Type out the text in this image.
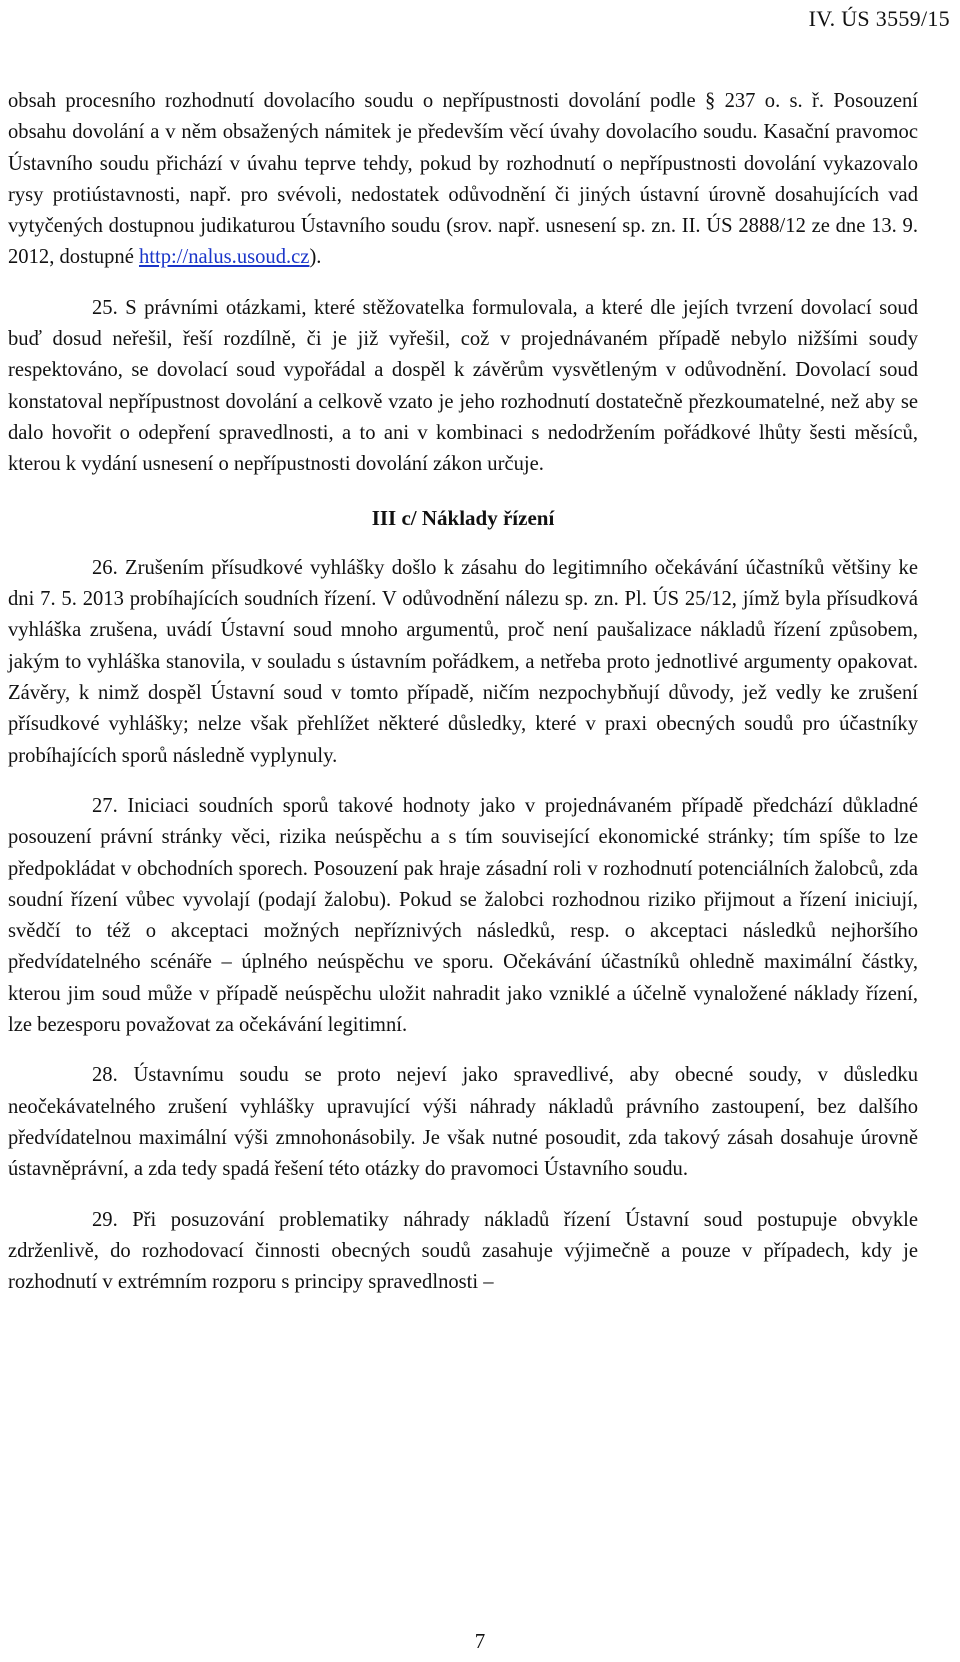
IV. ÚS 3559/15

obsah procesního rozhodnutí dovolacího soudu o nepřípustnosti dovolání podle § 237 o. s. ř. Posouzení obsahu dovolání a v něm obsažených námitek je především věcí úvahy dovolacího soudu. Kasační pravomoc Ústavního soudu přichází v úvahu teprve tehdy, pokud by rozhodnutí o nepřípustnosti dovolání vykazovalo rysy protiústavnosti, např. pro svévoli, nedostatek odůvodnění či jiných ústavní úrovně dosahujících vad vytyčených dostupnou judikaturou Ústavního soudu (srov. např. usnesení sp. zn. II. ÚS 2888/12 ze dne 13. 9. 2012, dostupné http://nalus.usoud.cz).

25. S právními otázkami, které stěžovatelka formulovala, a které dle jejích tvrzení dovolací soud buď dosud neřešil, řeší rozdílně, či je již vyřešil, což v projednávaném případě nebylo nižšími soudy respektováno, se dovolací soud vypořádal a dospěl k závěrům vysvětleným v odůvodnění. Dovolací soud konstatoval nepřípustnost dovolání a celkově vzato je jeho rozhodnutí dostatečně přezkoumatelné, než aby se dalo hovořit o odepření spravedlnosti, a to ani v kombinaci s nedodržením pořádkové lhůty šesti měsíců, kterou k vydání usnesení o nepřípustnosti dovolání zákon určuje.

III c/ Náklady řízení

26. Zrušením přísudkové vyhlášky došlo k zásahu do legitimního očekávání účastníků většiny ke dni 7. 5. 2013 probíhajících soudních řízení. V odůvodnění nálezu sp. zn. Pl. ÚS 25/12, jímž byla přísudková vyhláška zrušena, uvádí Ústavní soud mnoho argumentů, proč není paušalizace nákladů řízení způsobem, jakým to vyhláška stanovila, v souladu s ústavním pořádkem, a netřeba proto jednotlivé argumenty opakovat. Závěry, k nimž dospěl Ústavní soud v tomto případě, ničím nezpochybňují důvody, jež vedly ke zrušení přísudkové vyhlášky; nelze však přehlížet některé důsledky, které v praxi obecných soudů pro účastníky probíhajících sporů následně vyplynuly.

27. Iniciaci soudních sporů takové hodnoty jako v projednávaném případě předchází důkladné posouzení právní stránky věci, rizika neúspěchu a s tím související ekonomické stránky; tím spíše to lze předpokládat v obchodních sporech. Posouzení pak hraje zásadní roli v rozhodnutí potenciálních žalobců, zda soudní řízení vůbec vyvolají (podají žalobu). Pokud se žalobci rozhodnou riziko přijmout a řízení iniciují, svědčí to též o akceptaci možných nepříznivých následků, resp. o akceptaci následků nejhoršího předvídatelného scénáře – úplného neúspěchu ve sporu. Očekávání účastníků ohledně maximální částky, kterou jim soud může v případě neúspěchu uložit nahradit jako vzniklé a účelně vynaložené náklady řízení, lze bezesporu považovat za očekávání legitimní.

28. Ústavnímu soudu se proto nejeví jako spravedlivé, aby obecné soudy, v důsledku neočekávatelného zrušení vyhlášky upravující výši náhrady nákladů právního zastoupení, bez dalšího předvídatelnou maximální výši zmnohonásobily. Je však nutné posoudit, zda takový zásah dosahuje úrovně ústavněprávní, a zda tedy spadá řešení této otázky do pravomoci Ústavního soudu.

29. Při posuzování problematiky náhrady nákladů řízení Ústavní soud postupuje obvykle zdrženlivě, do rozhodovací činnosti obecných soudů zasahuje výjimečně a pouze v případech, kdy je rozhodnutí v extrémním rozporu s principy spravedlnosti –

7
